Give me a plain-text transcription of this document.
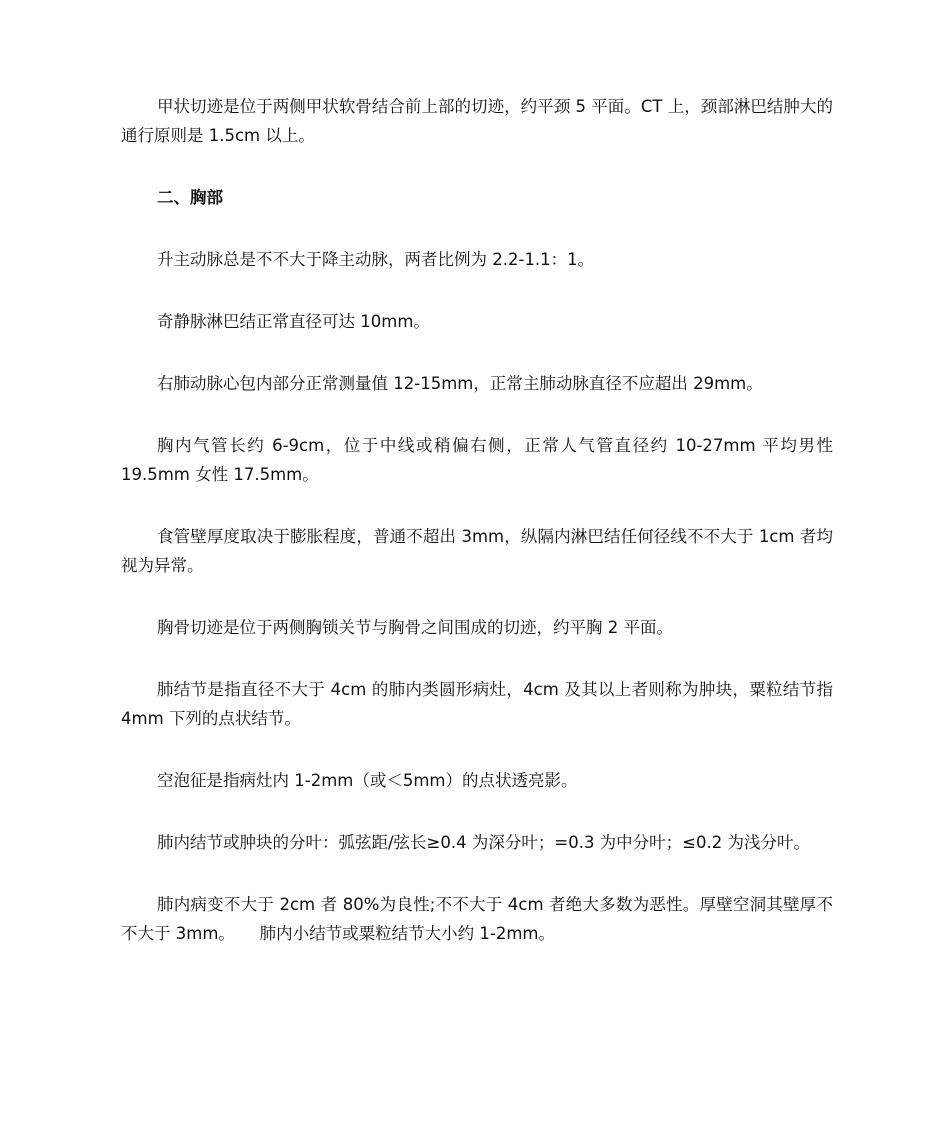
甲状切迹是位于两侧甲状软骨结合前上部的切迹，约平颈 5 平面。CT 上，颈部淋巴结肿大的通行原则是 1.5cm 以上。

二、胸部

升主动脉总是不不大于降主动脉，两者比例为 2.2-1.1：1。

奇静脉淋巴结正常直径可达 10mm。

右肺动脉心包内部分正常测量值 12-15mm，正常主肺动脉直径不应超出 29mm。

胸内气管长约 6-9cm，位于中线或稍偏右侧，正常人气管直径约 10-27mm 平均男性 19.5mm 女性 17.5mm。

食管壁厚度取决于膨胀程度，普通不超出 3mm，纵隔内淋巴结任何径线不不大于 1cm 者均视为异常。

胸骨切迹是位于两侧胸锁关节与胸骨之间围成的切迹，约平胸 2 平面。

肺结节是指直径不大于 4cm 的肺内类圆形病灶，4cm 及其以上者则称为肿块，粟粒结节指 4mm 下列的点状结节。

空泡征是指病灶内 1-2mm（或＜5mm）的点状透亮影。

肺内结节或肿块的分叶：弧弦距/弦长≥0.4 为深分叶；=0.3 为中分叶；≤0.2 为浅分叶。

肺内病变不大于 2cm 者 80%为良性;不不大于 4cm 者绝大多数为恶性。厚壁空洞其壁厚不不大于 3mm。　　肺内小结节或粟粒结节大小约 1-2mm。
